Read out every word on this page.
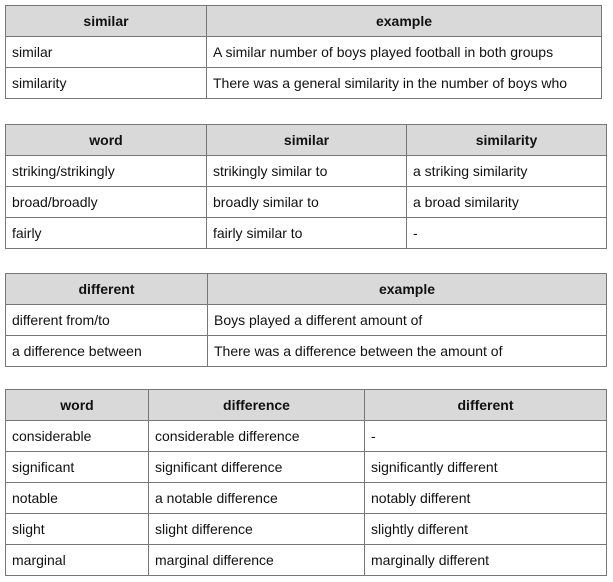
similar	example
similar	A similar number of boys played football in both groups
similarity	There was a general similarity in the number of boys who
word	similar	similarity
striking/strikingly	strikingly similar to	a striking similarity
broad/broadly	broadly similar to	a broad similarity
fairly	fairly similar to	-
different	example
different from/to	Boys played a different amount of
a difference between	There was a difference between the amount of
word	difference	different
considerable	considerable difference	-
significant	significant difference	significantly different
notable	a notable difference	notably different
slight	slight difference	slightly different
marginal	marginal difference	marginally different
